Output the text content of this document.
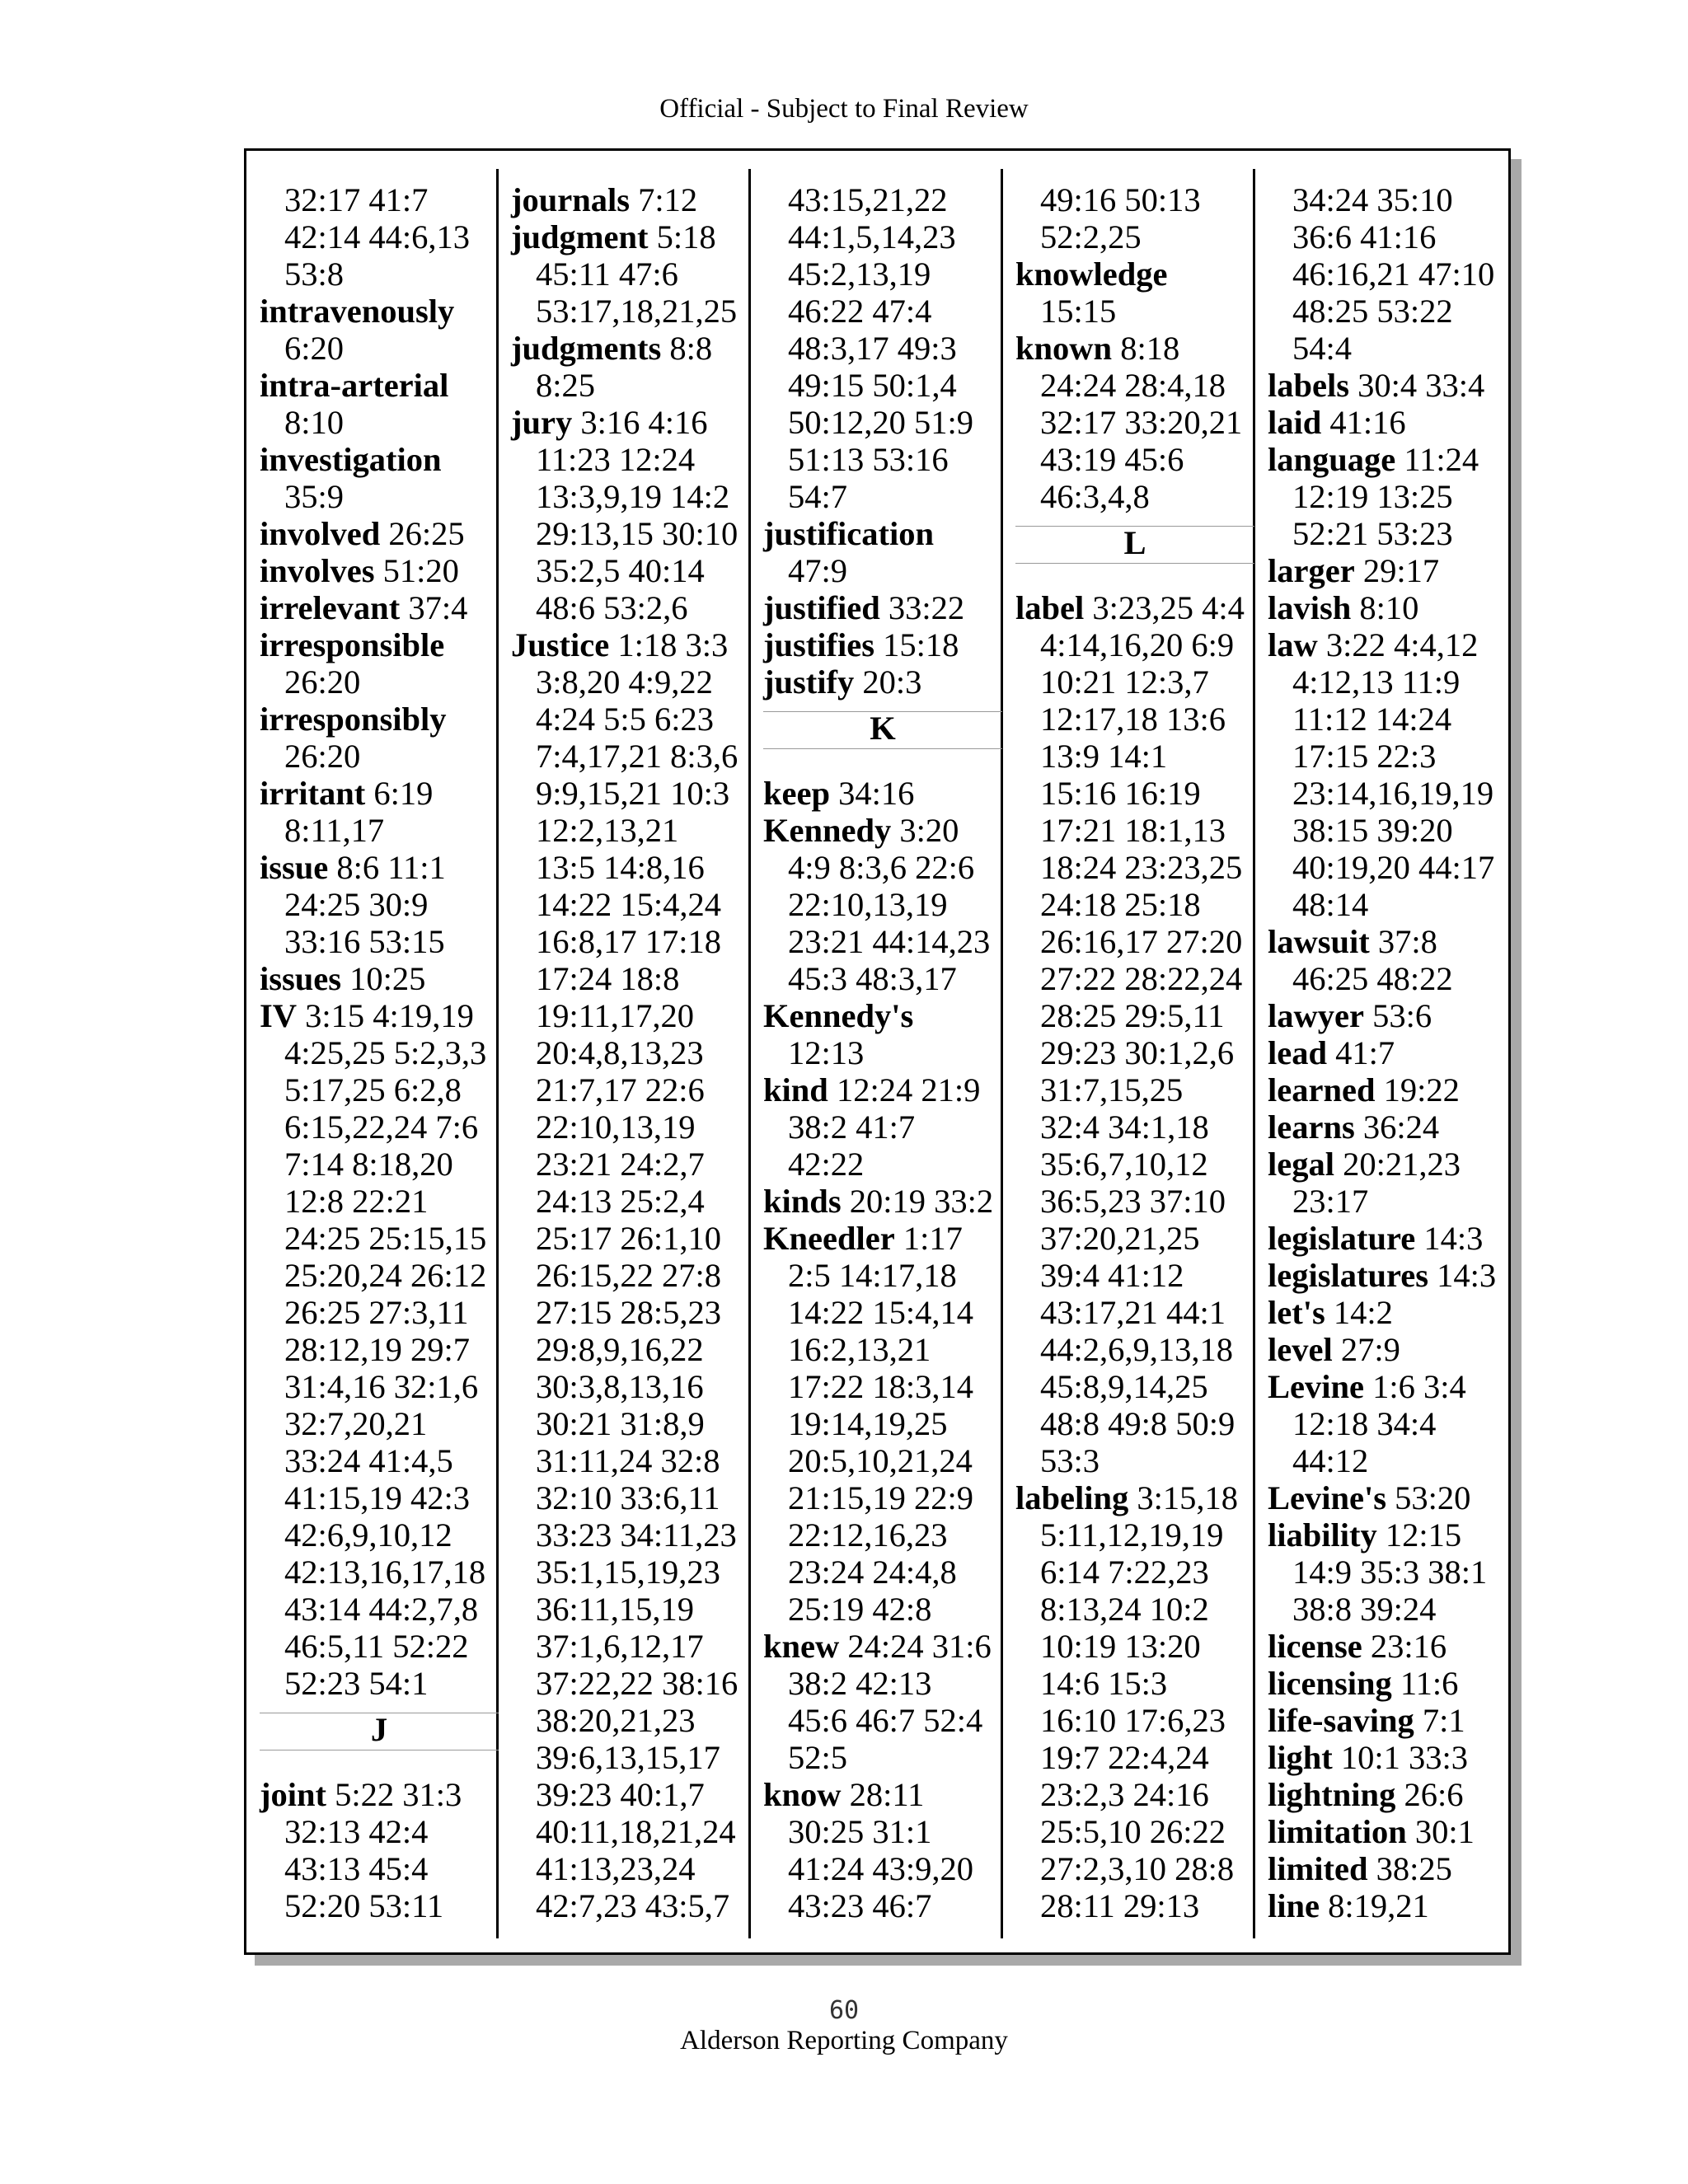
Official - Subject to Final Review
32:17 41:7
42:14 44:6,13
53:8
intravenously
6:20
intra-arterial
8:10
investigation
35:9
involved 26:25
involves 51:20
irrelevant 37:4
irresponsible
26:20
irresponsibly
26:20
irritant 6:19
8:11,17
issue 8:6 11:1
24:25 30:9
33:16 53:15
issues 10:25
IV 3:15 4:19,19
4:25,25 5:2,3,3
5:17,25 6:2,8
6:15,22,24 7:6
7:14 8:18,20
12:8 22:21
24:25 25:15,15
25:20,24 26:12
26:25 27:3,11
28:12,19 29:7
31:4,16 32:1,6
32:7,20,21
33:24 41:4,5
41:15,19 42:3
42:6,9,10,12
42:13,16,17,18
43:14 44:2,7,8
46:5,11 52:22
52:23 54:1
J
joint 5:22 31:3
32:13 42:4
43:13 45:4
52:20 53:11
journals 7:12
judgment 5:18
45:11 47:6
53:17,18,21,25
judgments 8:8
8:25
jury 3:16 4:16
11:23 12:24
13:3,9,19 14:2
29:13,15 30:10
35:2,5 40:14
48:6 53:2,6
Justice 1:18 3:3
3:8,20 4:9,22
4:24 5:5 6:23
7:4,17,21 8:3,6
9:9,15,21 10:3
12:2,13,21
13:5 14:8,16
14:22 15:4,24
16:8,17 17:18
17:24 18:8
19:11,17,20
20:4,8,13,23
21:7,17 22:6
22:10,13,19
23:21 24:2,7
24:13 25:2,4
25:17 26:1,10
26:15,22 27:8
27:15 28:5,23
29:8,9,16,22
30:3,8,13,16
30:21 31:8,9
31:11,24 32:8
32:10 33:6,11
33:23 34:11,23
35:1,15,19,23
36:11,15,19
37:1,6,12,17
37:22,22 38:16
38:20,21,23
39:6,13,15,17
39:23 40:1,7
40:11,18,21,24
41:13,23,24
42:7,23 43:5,7
43:15,21,22
44:1,5,14,23
45:2,13,19
46:22 47:4
48:3,17 49:3
49:15 50:1,4
50:12,20 51:9
51:13 53:16
54:7
justification
47:9
justified 33:22
justifies 15:18
justify 20:3
K
keep 34:16
Kennedy 3:20
4:9 8:3,6 22:6
22:10,13,19
23:21 44:14,23
45:3 48:3,17
Kennedy's
12:13
kind 12:24 21:9
38:2 41:7
42:22
kinds 20:19 33:2
Kneedler 1:17
2:5 14:17,18
14:22 15:4,14
16:2,13,21
17:22 18:3,14
19:14,19,25
20:5,10,21,24
21:15,19 22:9
22:12,16,23
23:24 24:4,8
25:19 42:8
knew 24:24 31:6
38:2 42:13
45:6 46:7 52:4
52:5
know 28:11
30:25 31:1
41:24 43:9,20
43:23 46:7
49:16 50:13
52:2,25
knowledge
15:15
known 8:18
24:24 28:4,18
32:17 33:20,21
43:19 45:6
46:3,4,8
L
label 3:23,25 4:4
4:14,16,20 6:9
10:21 12:3,7
12:17,18 13:6
13:9 14:1
15:16 16:19
17:21 18:1,13
18:24 23:23,25
24:18 25:18
26:16,17 27:20
27:22 28:22,24
28:25 29:5,11
29:23 30:1,2,6
31:7,15,25
32:4 34:1,18
35:6,7,10,12
36:5,23 37:10
37:20,21,25
39:4 41:12
43:17,21 44:1
44:2,6,9,13,18
45:8,9,14,25
48:8 49:8 50:9
53:3
labeling 3:15,18
5:11,12,19,19
6:14 7:22,23
8:13,24 10:2
10:19 13:20
14:6 15:3
16:10 17:6,23
19:7 22:4,24
23:2,3 24:16
25:5,10 26:22
27:2,3,10 28:8
28:11 29:13
34:24 35:10
36:6 41:16
46:16,21 47:10
48:25 53:22
54:4
labels 30:4 33:4
laid 41:16
language 11:24
12:19 13:25
52:21 53:23
larger 29:17
lavish 8:10
law 3:22 4:4,12
4:12,13 11:9
11:12 14:24
17:15 22:3
23:14,16,19,19
38:15 39:20
40:19,20 44:17
48:14
lawsuit 37:8
46:25 48:22
lawyer 53:6
lead 41:7
learned 19:22
learns 36:24
legal 20:21,23
23:17
legislature 14:3
legislatures 14:3
let's 14:2
level 27:9
Levine 1:6 3:4
12:18 34:4
44:12
Levine's 53:20
liability 12:15
14:9 35:3 38:1
38:8 39:24
license 23:16
licensing 11:6
life-saving 7:1
light 10:1 33:3
lightning 26:6
limitation 30:1
limited 38:25
line 8:19,21
60
Alderson Reporting Company
